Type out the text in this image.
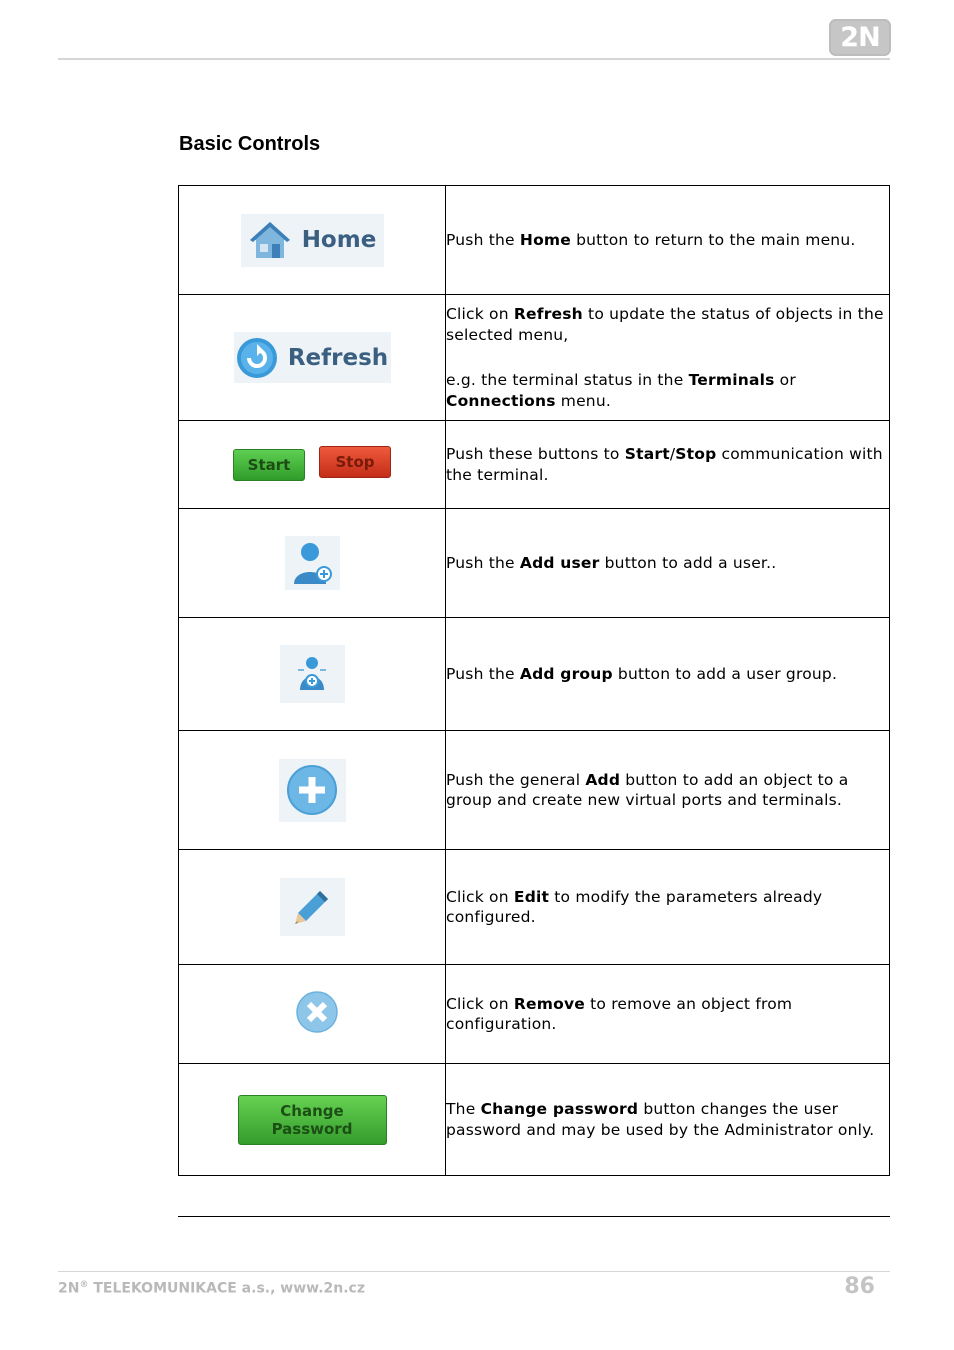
2N
Basic Controls
Home	Push the Home button to return to the main menu.

Refresh	Click on Refresh to update the status of objects in the selected menu,
e.g. the terminal status in the Terminals or Connections menu.
Start Stop	Push these buttons to Start/Stop communication with the terminal.

	Push the Add user button to add a user..

	Push the Add group button to add a user group.

	Push the general Add button to add an object to a group and create new virtual ports and terminals.

	Click on Edit to modify the parameters already configured.

	Click on Remove to remove an object from configuration.
Change Password	The Change password button changes the user password and may be used by the Administrator only.
2N® TELEKOMUNIKACE a.s., www.2n.cz	86
